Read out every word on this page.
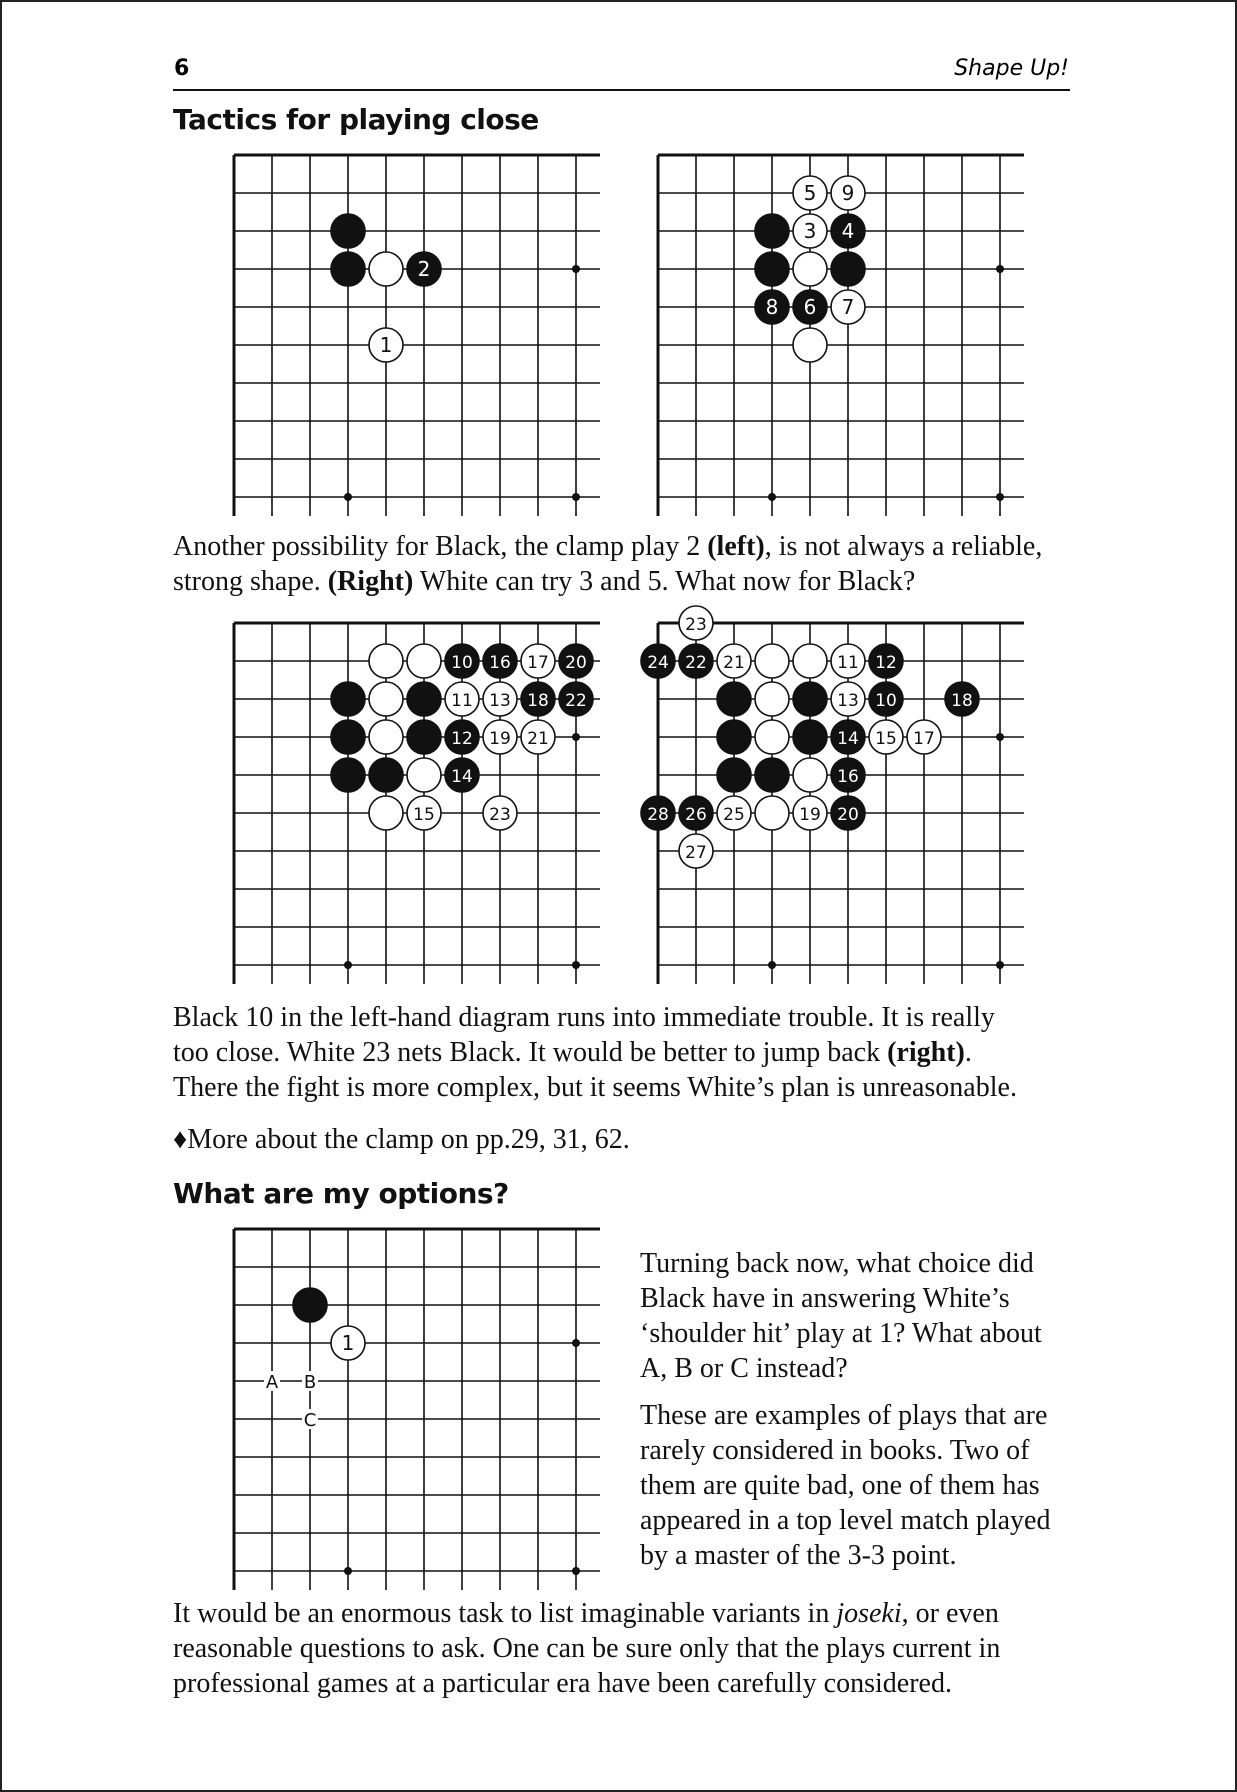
6	Shape Up!
Tactics for playing close
2
1
5 9
3 4
8 6 7

Another possibility for Black, the clamp play 2 (left), is not always a reliable,
strong shape. (Right) White can try 3 and 5. What now for Black?

10 16 17 20
11 13 18 22
12 19 21
14
15	23
23
24 22 21	11 12
13 10	18
14 15 17
16
28 26 25	19 20
27

Black 10 in the left-hand diagram runs into immediate trouble. It is really
too close. White 23 nets Black. It would be better to jump back (right).
There the fight is more complex, but it seems White’s plan is unreasonable.

♦More about the clamp on pp.29, 31, 62.

What are my options?
1
A B
C

Turning back now, what choice did
Black have in answering White’s
‘shoulder hit’ play at 1? What about
A, B or C instead?

These are examples of plays that are
rarely considered in books. Two of
them are quite bad, one of them has
appeared in a top level match played
by a master of the 3-3 point.

It would be an enormous task to list imaginable variants in joseki, or even
reasonable questions to ask. One can be sure only that the plays current in
professional games at a particular era have been carefully considered.
